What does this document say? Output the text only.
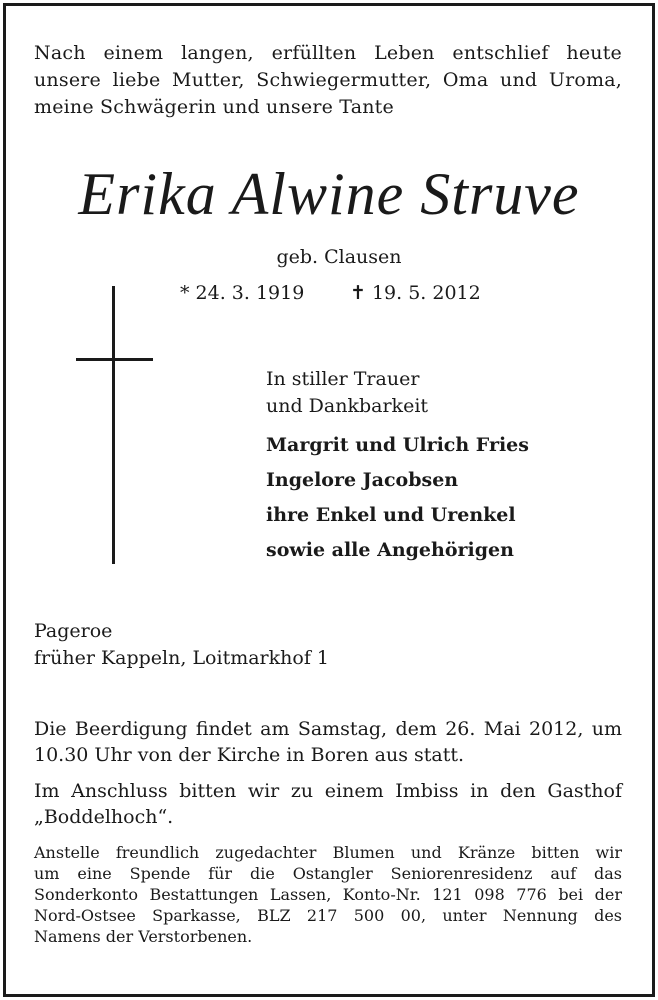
Nach einem langen, erfüllten Leben entschlief heute
unsere liebe Mutter, Schwiegermutter, Oma und Uroma,
meine Schwägerin und unsere Tante
Erika Alwine Struve
geb. Clausen
* 24. 3. 1919 ✝ 19. 5. 2012
In stiller Trauer
und Dankbarkeit
Margrit und Ulrich Fries
Ingelore Jacobsen
ihre Enkel und Urenkel
sowie alle Angehörigen
Pageroe
früher Kappeln, Loitmarkhof 1
Die Beerdigung findet am Samstag, dem 26. Mai 2012, um
10.30 Uhr von der Kirche in Boren aus statt.
Im Anschluss bitten wir zu einem Imbiss in den Gasthof
„Boddelhoch“.
Anstelle freundlich zugedachter Blumen und Kränze bitten wir
um eine Spende für die Ostangler Seniorenresidenz auf das
Sonderkonto Bestattungen Lassen, Konto-Nr. 121 098 776 bei der
Nord-Ostsee Sparkasse, BLZ 217 500 00, unter Nennung des
Namens der Verstorbenen.
